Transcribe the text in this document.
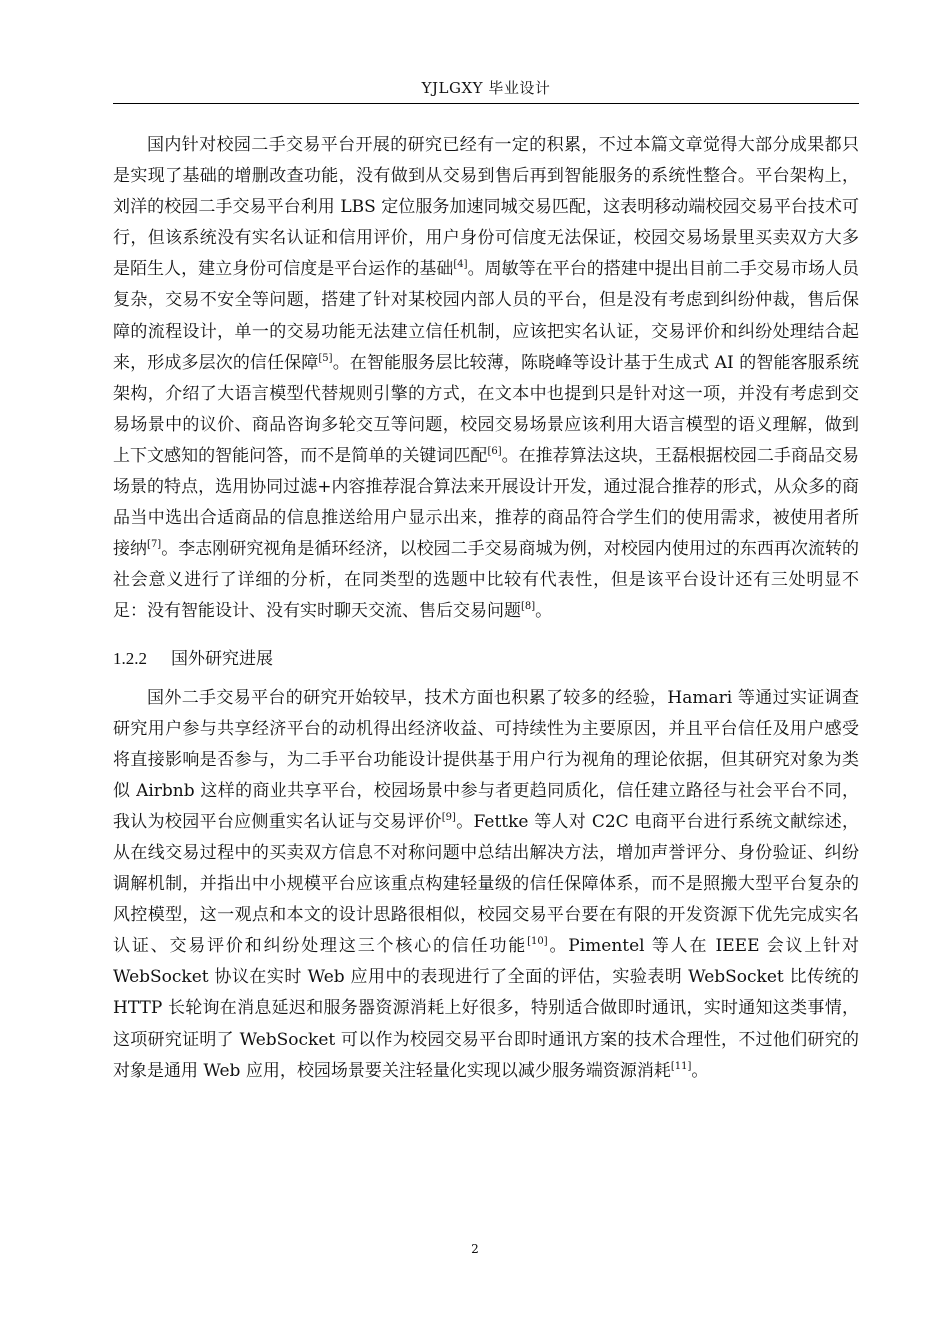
YJLGXY 毕业设计

国内针对校园二手交易平台开展的研究已经有一定的积累，不过本篇文章觉得大部分成果都只是实现了基础的增删改查功能，没有做到从交易到售后再到智能服务的系统性整合。平台架构上，刘洋的校园二手交易平台利用 LBS 定位服务加速同城交易匹配，这表明移动端校园交易平台技术可行，但该系统没有实名认证和信用评价，用户身份可信度无法保证，校园交易场景里买卖双方大多是陌生人，建立身份可信度是平台运作的基础[4]。周敏等在平台的搭建中提出目前二手交易市场人员复杂，交易不安全等问题，搭建了针对某校园内部人员的平台，但是没有考虑到纠纷仲裁，售后保障的流程设计，单一的交易功能无法建立信任机制，应该把实名认证，交易评价和纠纷处理结合起来，形成多层次的信任保障[5]。在智能服务层比较薄，陈晓峰等设计基于生成式 AI 的智能客服系统架构，介绍了大语言模型代替规则引擎的方式，在文本中也提到只是针对这一项，并没有考虑到交易场景中的议价、商品咨询多轮交互等问题，校园交易场景应该利用大语言模型的语义理解，做到上下文感知的智能问答，而不是简单的关键词匹配[6]。在推荐算法这块，王磊根据校园二手商品交易场景的特点，选用协同过滤+内容推荐混合算法来开展设计开发，通过混合推荐的形式，从众多的商品当中选出合适商品的信息推送给用户显示出来，推荐的商品符合学生们的使用需求，被使用者所接纳[7]。李志刚研究视角是循环经济，以校园二手交易商城为例，对校园内使用过的东西再次流转的社会意义进行了详细的分析，在同类型的选题中比较有代表性，但是该平台设计还有三处明显不足：没有智能设计、没有实时聊天交流、售后交易问题[8]。

1.2.2 国外研究进展

国外二手交易平台的研究开始较早，技术方面也积累了较多的经验，Hamari 等通过实证调查研究用户参与共享经济平台的动机得出经济收益、可持续性为主要原因，并且平台信任及用户感受将直接影响是否参与，为二手平台功能设计提供基于用户行为视角的理论依据，但其研究对象为类似 Airbnb 这样的商业共享平台，校园场景中参与者更趋同质化，信任建立路径与社会平台不同，我认为校园平台应侧重实名认证与交易评价[9]。Fettke 等人对 C2C 电商平台进行系统文献综述，从在线交易过程中的买卖双方信息不对称问题中总结出解决方法，增加声誉评分、身份验证、纠纷调解机制，并指出中小规模平台应该重点构建轻量级的信任保障体系，而不是照搬大型平台复杂的风控模型，这一观点和本文的设计思路很相似，校园交易平台要在有限的开发资源下优先完成实名认证、交易评价和纠纷处理这三个核心的信任功能[10]。Pimentel 等人在 IEEE 会议上针对 WebSocket 协议在实时 Web 应用中的表现进行了全面的评估，实验表明 WebSocket 比传统的 HTTP 长轮询在消息延迟和服务器资源消耗上好很多，特别适合做即时通讯，实时通知这类事情，这项研究证明了 WebSocket 可以作为校园交易平台即时通讯方案的技术合理性，不过他们研究的对象是通用 Web 应用，校园场景要关注轻量化实现以减少服务端资源消耗[11]。

2
